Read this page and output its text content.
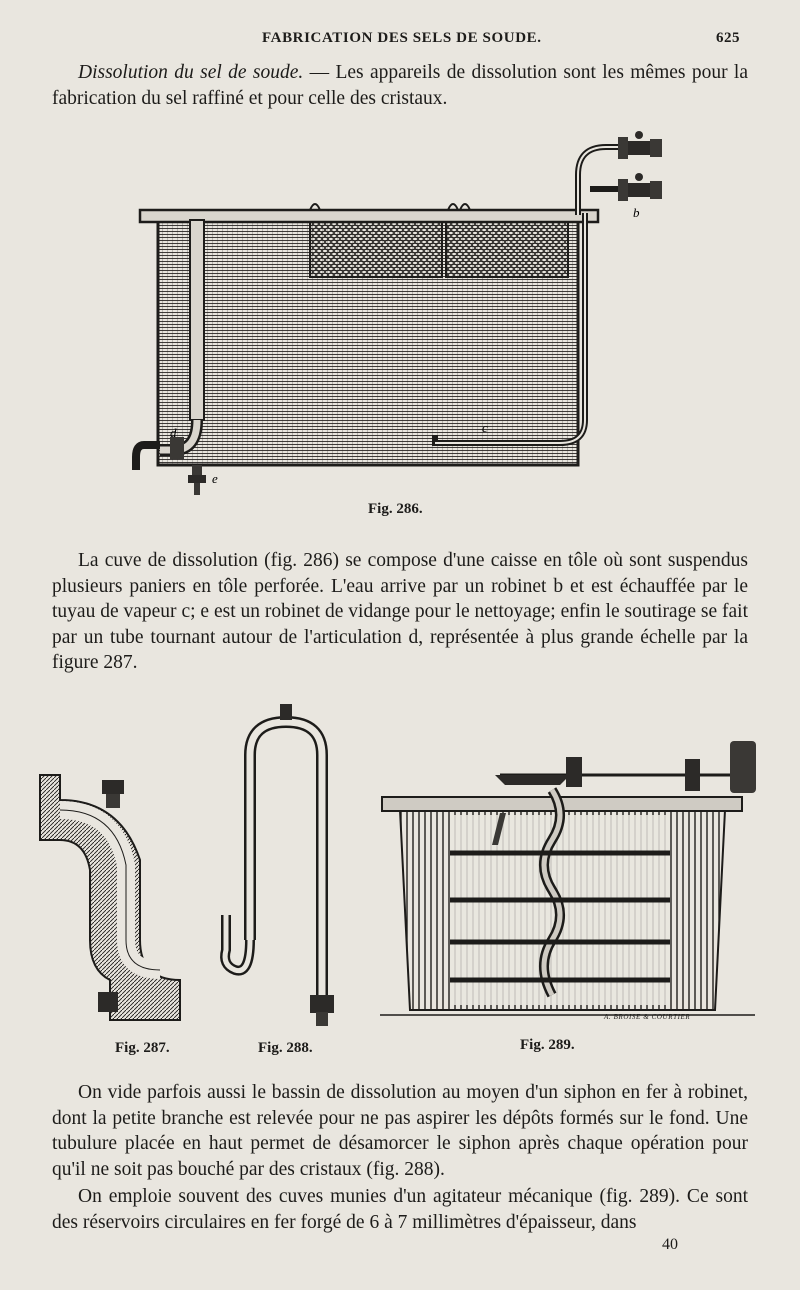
FABRICATION DES SELS DE SOUDE.	625

Dissolution du sel de soude. — Les appareils de dissolution sont les mêmes pour la fabrication du sel raffiné et pour celle des cristaux.

b
c
d
e
Fig. 286.

La cuve de dissolution (fig. 286) se compose d'une caisse en tôle où sont suspendus plusieurs paniers en tôle perforée. L'eau arrive par un robinet b et est échauffée par le tuyau de vapeur c; e est un robinet de vidange pour le nettoyage; enfin le soutirage se fait par un tube tournant autour de l'articulation d, représentée à plus grande échelle par la figure 287.

Fig. 287.	Fig. 288.
A. BROISE & COURTIER
Fig. 289.

On vide parfois aussi le bassin de dissolution au moyen d'un siphon en fer à robinet, dont la petite branche est relevée pour ne pas aspirer les dépôts formés sur le fond. Une tubulure placée en haut permet de désamorcer le siphon après chaque opération pour qu'il ne soit pas bouché par des cristaux (fig. 288).

On emploie souvent des cuves munies d'un agitateur mécanique (fig. 289). Ce sont des réservoirs circulaires en fer forgé de 6 à 7 millimètres d'épaisseur, dans

40
